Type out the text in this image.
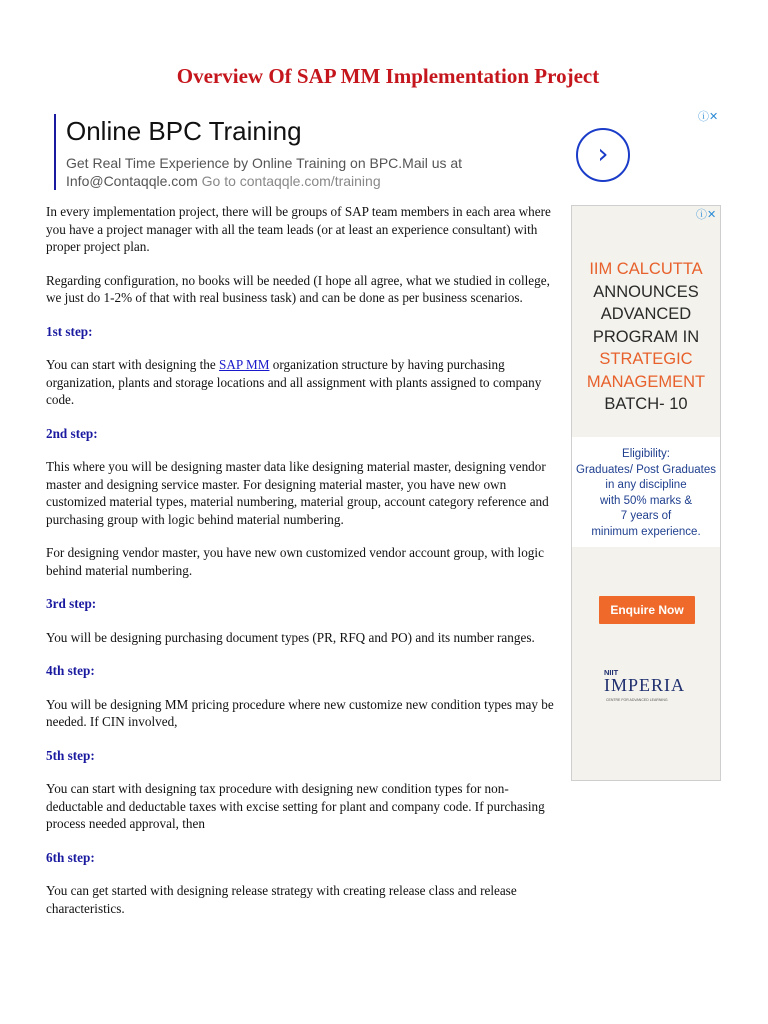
Overview Of SAP MM Implementation Project
Online BPC Training
Get Real Time Experience by Online Training on BPC.Mail us at Info@Contaqqle.com Go to contaqqle.com/training
›
ⓘ✕

In every implementation project, there will be groups of SAP team members in each area where you have a project manager with all the team leads (or at least an experience consultant) with proper project plan.

Regarding configuration, no books will be needed (I hope all agree, what we studied in college, we just do 1-2% of that with real business task) and can be done as per business scenarios.

1st step:

You can start with designing the SAP MM organization structure by having purchasing organization, plants and storage locations and all assignment with plants assigned to company code.

2nd step:

This where you will be designing master data like designing material master, designing vendor master and designing service master. For designing material master, you have new own customized material types, material numbering, material group, account category reference and purchasing group with logic behind material numbering.

For designing vendor master, you have new own customized vendor account group, with logic behind material numbering.

3rd step:

You will be designing purchasing document types (PR, RFQ and PO) and its number ranges.

4th step:

You will be designing MM pricing procedure where new customize new condition types may be needed. If CIN involved,

5th step:

You can start with designing tax procedure with designing new condition types for non-deductable and deductable taxes with excise setting for plant and company code. If purchasing process needed approval, then

6th step:

You can get started with designing release strategy with creating release class and release characteristics.

ⓘ✕
IIM CALCUTTA
ANNOUNCES
ADVANCED
PROGRAM IN
STRATEGIC
MANAGEMENT
BATCH- 10
Eligibility:
Graduates/ Post Graduates
in any discipline
with 50% marks &
7 years of
minimum experience.
Enquire Now
NIIT
IMPERIA
CENTRE FOR ADVANCED LEARNING
